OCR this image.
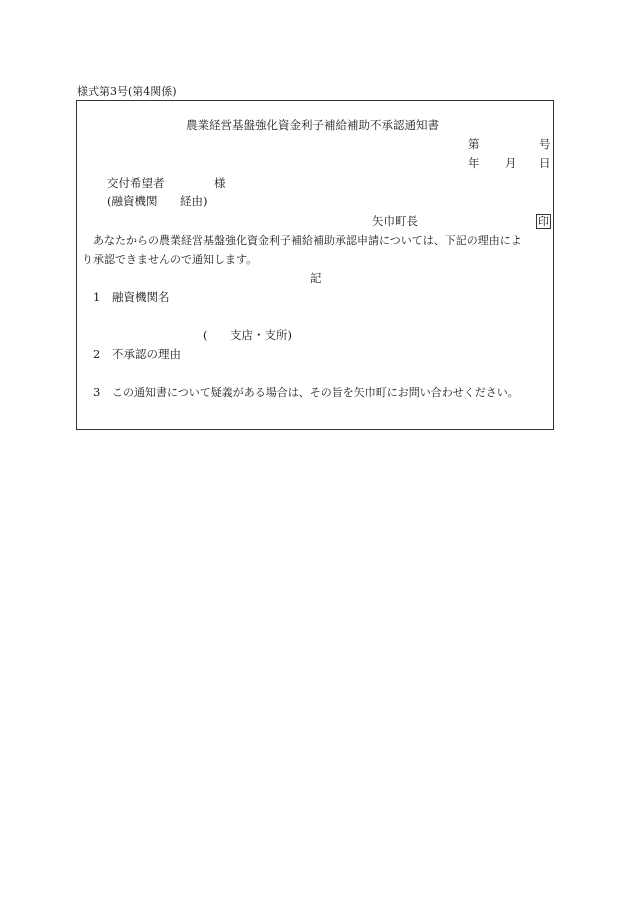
様式第3号(第4関係)
農業経営基盤強化資金利子補給補助不承認通知書
第	号
年 月 日
交付希望者	様
(融資機関 経由)
矢巾町長	印
あなたからの農業経営基盤強化資金利子補給補助承認申請については、下記の理由によ
り承認できませんので通知します。
記
1 融資機関名
( 支店・支所)
2 不承認の理由
3 この通知書について疑義がある場合は、その旨を矢巾町にお問い合わせください。
